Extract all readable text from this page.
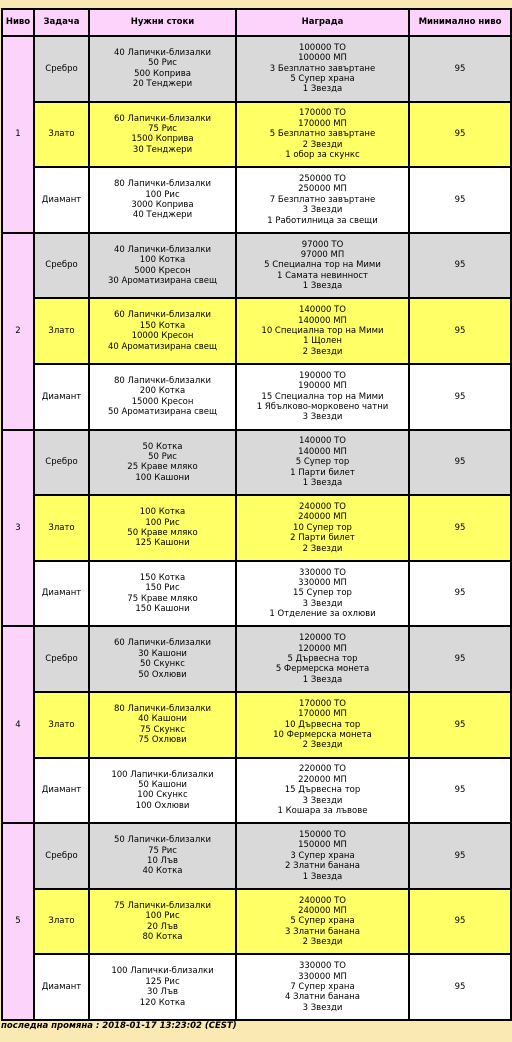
Ниво	Задача	Нужни стоки	Награда	Минимално ниво
1	Сребро	40 Лапички-близалки
50 Рис
500 Коприва
20 Тенджери	100000 ТО
100000 МП
3 Безплатно завъртане
5 Супер храна
1 Звезда	95
	Злато	60 Лапички-близалки
75 Рис
1500 Коприва
30 Тенджери	170000 ТО
170000 МП
5 Безплатно завъртане
2 Звезди
1 обор за скункс	95
	Диамант	80 Лапички-близалки
100 Рис
3000 Коприва
40 Тенджери	250000 ТО
250000 МП
7 Безплатно завъртане
3 Звезди
1 Работилница за свещи	95
2	Сребро	40 Лапички-близалки
100 Котка
5000 Кресон
30 Ароматизирана свещ	97000 ТО
97000 МП
5 Специална тор на Мими
1 Самата невинност
1 Звезда	95
	Злато	60 Лапички-близалки
150 Котка
10000 Кресон
40 Ароматизирана свещ	140000 ТО
140000 МП
10 Специална тор на Мими
1 Щолен
2 Звезди	95
	Диамант	80 Лапички-близалки
200 Котка
15000 Кресон
50 Ароматизирана свещ	190000 ТО
190000 МП
15 Специална тор на Мими
1 Ябълково-морковено чатни
3 Звезди	95
3	Сребро	50 Котка
50 Рис
25 Краве мляко
100 Кашони	140000 ТО
140000 МП
5 Супер тор
1 Парти билет
1 Звезда	95
	Злато	100 Котка
100 Рис
50 Краве мляко
125 Кашони	240000 ТО
240000 МП
10 Супер тор
2 Парти билет
2 Звезди	95
	Диамант	150 Котка
150 Рис
75 Краве мляко
150 Кашони	330000 ТО
330000 МП
15 Супер тор
3 Звезди
1 Отделение за охлюви	95
4	Сребро	60 Лапички-близалки
30 Кашони
50 Скункс
50 Охлюви	120000 ТО
120000 МП
5 Дървесна тор
5 Фермерска монета
1 Звезда	95
	Злато	80 Лапички-близалки
40 Кашони
75 Скункс
75 Охлюви	170000 ТО
170000 МП
10 Дървесна тор
10 Фермерска монета
2 Звезди	95
	Диамант	100 Лапички-близалки
50 Кашони
100 Скункс
100 Охлюви	220000 ТО
220000 МП
15 Дървесна тор
3 Звезди
1 Кошара за лъвове	95
5	Сребро	50 Лапички-близалки
75 Рис
10 Лъв
40 Котка	150000 ТО
150000 МП
3 Супер храна
2 Златни банана
1 Звезда	95
	Злато	75 Лапички-близалки
100 Рис
20 Лъв
80 Котка	240000 ТО
240000 МП
5 Супер храна
3 Златни банана
2 Звезди	95
	Диамант	100 Лапички-близалки
125 Рис
30 Лъв
120 Котка	330000 ТО
330000 МП
7 Супер храна
4 Златни банана
3 Звезди	95
последна промяна : 2018-01-17 13:23:02 (CEST)
